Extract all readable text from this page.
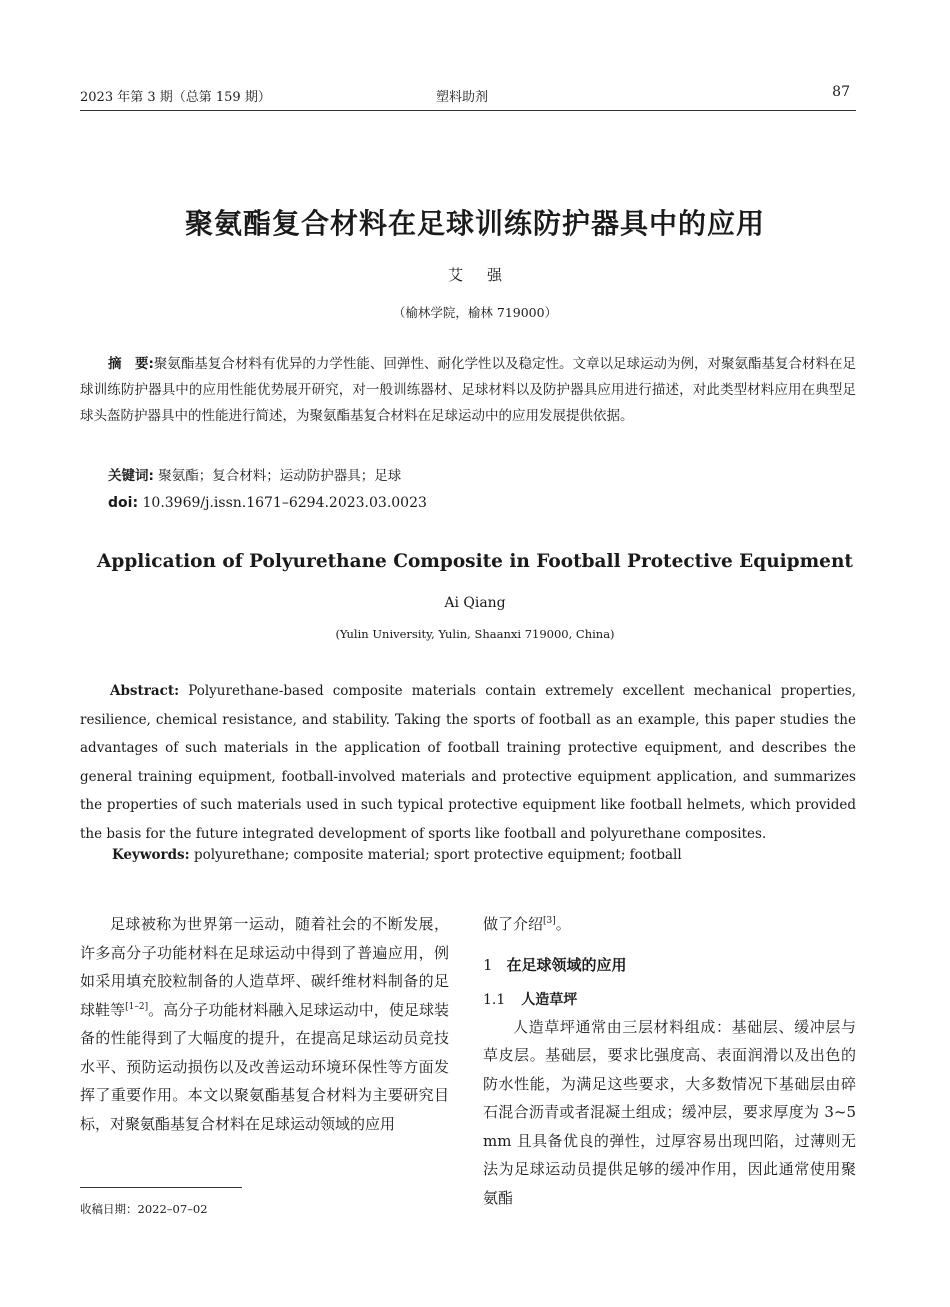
2023 年第 3 期（总第 159 期）	塑料助剂	87
聚氨酯复合材料在足球训练防护器具中的应用
艾强
（榆林学院，榆林 719000）
摘　要:聚氨酯基复合材料有优异的力学性能、回弹性、耐化学性以及稳定性。文章以足球运动为例，对聚氨酯基复合材料在足球训练防护器具中的应用性能优势展开研究，对一般训练器材、足球材料以及防护器具应用进行描述，对此类型材料应用在典型足球头盔防护器具中的性能进行简述，为聚氨酯基复合材料在足球运动中的应用发展提供依据。
关键词: 聚氨酯；复合材料；运动防护器具；足球
doi: 10.3969/j.issn.1671–6294.2023.03.0023
Application of Polyurethane Composite in Football Protective Equipment
Ai Qiang
(Yulin University, Yulin, Shaanxi 719000, China)
Abstract: Polyurethane-based composite materials contain extremely excellent mechanical properties, resilience, chemical resistance, and stability. Taking the sports of football as an example, this paper studies the advantages of such materials in the application of football training protective equipment, and describes the general training equipment, football-involved materials and protective equipment application, and summarizes the properties of such materials used in such typical protective equipment like football helmets, which provided the basis for the future integrated development of sports like football and polyurethane composites.
Keywords: polyurethane; composite material; sport protective equipment; football
足球被称为世界第一运动，随着社会的不断发展，许多高分子功能材料在足球运动中得到了普遍应用，例如采用填充胶粒制备的人造草坪、碳纤维材料制备的足球鞋等[1–2]。高分子功能材料融入足球运动中，使足球装备的性能得到了大幅度的提升，在提高足球运动员竞技水平、预防运动损伤以及改善运动环境环保性等方面发挥了重要作用。本文以聚氨酯基复合材料为主要研究目标，对聚氨酯基复合材料在足球运动领域的应用
做了介绍[3]。
1 在足球领域的应用
1.1 人造草坪
人造草坪通常由三层材料组成：基础层、缓冲层与草皮层。基础层，要求比强度高、表面润滑以及出色的防水性能，为满足这些要求，大多数情况下基础层由碎石混合沥青或者混凝土组成；缓冲层，要求厚度为 3~5 mm 且具备优良的弹性，过厚容易出现凹陷，过薄则无法为足球运动员提供足够的缓冲作用，因此通常使用聚氨酯
收稿日期：2022–07–02
